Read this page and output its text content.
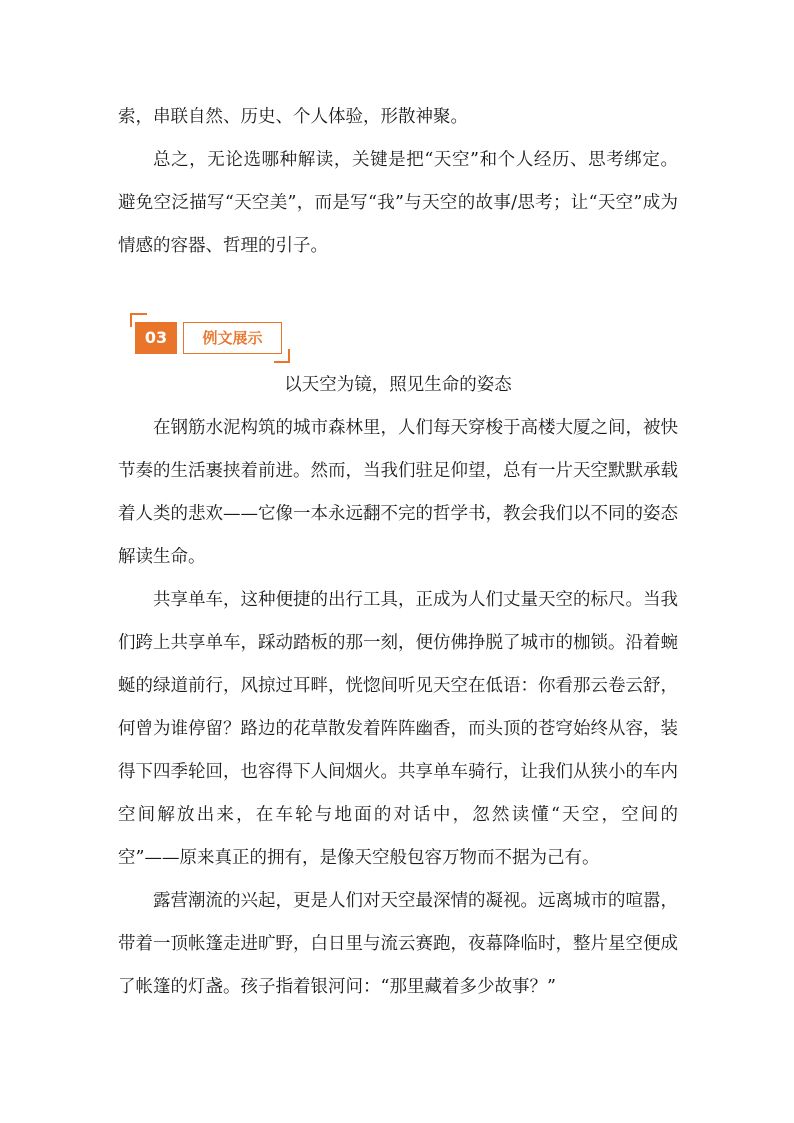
索，串联自然、历史、个人体验，形散神聚。

总之，无论选哪种解读，关键是把“天空”和个人经历、思考绑定。避免空泛描写“天空美”，而是写“我”与天空的故事/思考；让“天空”成为情感的容器、哲理的引子。

03	例文展示
以天空为镜，照见生命的姿态

在钢筋水泥构筑的城市森林里，人们每天穿梭于高楼大厦之间，被快节奏的生活裹挟着前进。然而，当我们驻足仰望，总有一片天空默默承载着人类的悲欢——它像一本永远翻不完的哲学书，教会我们以不同的姿态解读生命。

共享单车，这种便捷的出行工具，正成为人们丈量天空的标尺。当我们跨上共享单车，踩动踏板的那一刻，便仿佛挣脱了城市的枷锁。沿着蜿蜒的绿道前行，风掠过耳畔，恍惚间听见天空在低语：你看那云卷云舒，何曾为谁停留？路边的花草散发着阵阵幽香，而头顶的苍穹始终从容，装得下四季轮回，也容得下人间烟火。共享单车骑行，让我们从狭小的车内空间解放出来，在车轮与地面的对话中，忽然读懂“天空，空间的空”——原来真正的拥有，是像天空般包容万物而不据为己有。

露营潮流的兴起，更是人们对天空最深情的凝视。远离城市的喧嚣，带着一顶帐篷走进旷野，白日里与流云赛跑，夜幕降临时，整片星空便成了帐篷的灯盏。孩子指着银河问：“那里藏着多少故事？”
